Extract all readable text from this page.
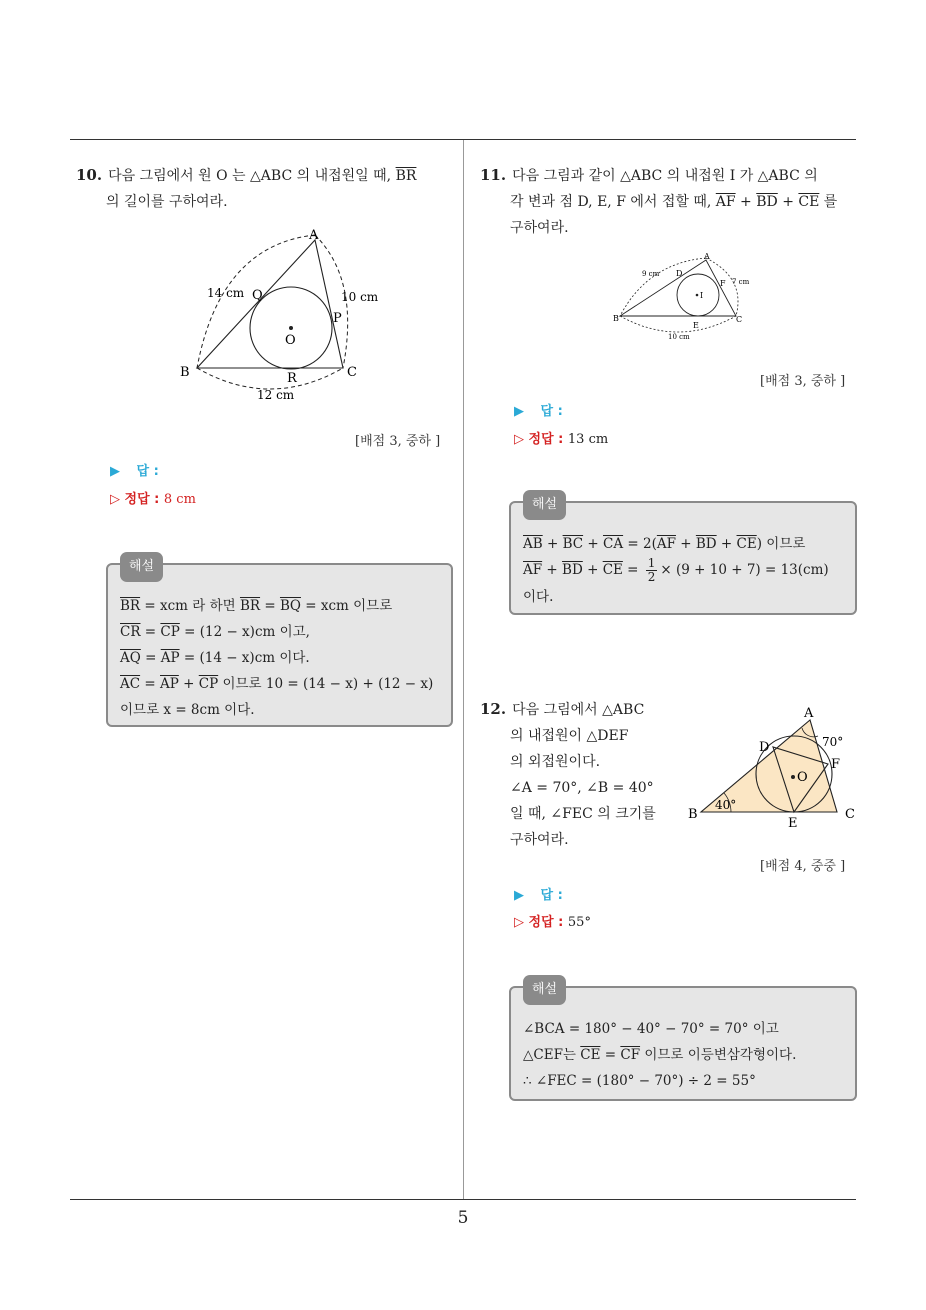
10. 다음 그림에서 원 O 는 △ABC 의 내접원일 때, $\overline{BR}$
의 길이를 구하여라.
A
B	C
O
P
Q
R
14 cm	10 cm
12 cm
[배점 3, 중하 ]
▶ 답 :
▷ 정답 : 8 cm
해설
$\overline{BR}$ = xcm 라 하면 $\overline{BR} = \overline{BQ}$ = xcm 이므로
$\overline{CR} = \overline{CP} = (12 - x)cm$ 이고,
$\overline{AQ} = \overline{AP} = (14 - x)cm$ 이다.
$\overline{AC} = \overline{AP} + \overline{CP}$ 이므로 10 = (14 − x) + (12 − x)
이므로 x = 8cm 이다.
11. 다음 그림과 같이 △ABC 의 내접원 I 가 △ABC 의
각 변과 점 D, E, F 에서 접할 때, $\overline{AF} + \overline{BD} + \overline{CE}$ 를
구하여라.
A
B	C
D
E
F
I
9 cm
7 cm
10 cm
[배점 3, 중하 ]
▶ 답 :
▷ 정답 : 13 cm
해설
$\overline{AB} + \overline{BC} + \overline{CA} = 2(\overline{AF} + \overline{BD} + \overline{CE})$ 이므로
$\overline{AF} + \overline{BD} + \overline{CE} = \frac{1}{2} \times (9 + 10 + 7) = 13(cm)$
이다.
12. 다음 그림에서 △ABC
의 내접원이 △DEF
의 외접원이다.
∠A = 70°, ∠B = 40°
일 때, ∠FEC 의 크기를
구하여라.
A
B	C
D
E
F
O
70°
40°
[배점 4, 중중 ]
▶ 답 :
▷ 정답 : 55°
해설
∠BCA = 180° − 40° − 70° = 70° 이고
△CEF는 $\overline{CE} = \overline{CF}$ 이므로 이등변삼각형이다.
∴ ∠FEC = (180° − 70°) ÷ 2 = 55°
5
